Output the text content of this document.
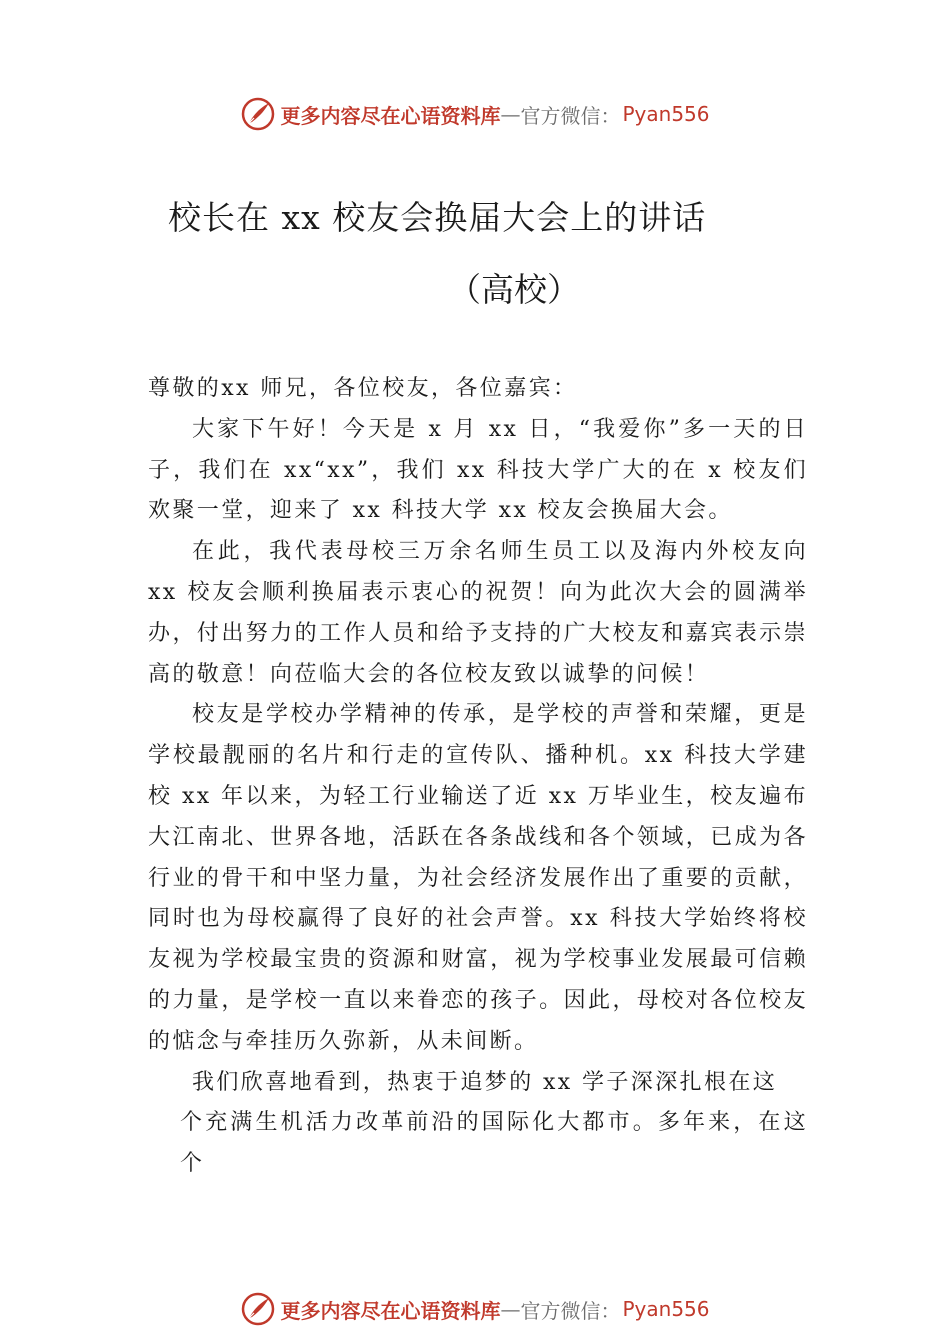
更多内容尽在心语资料库 — 官方微信： Pyan556
校长在 xx 校友会换届大会上的讲话
（高校）

尊敬的xx 师兄，各位校友，各位嘉宾：

大家下午好！今天是 x 月 xx 日，“我爱你”多一天的日子，我们在 xx“xx”，我们 xx 科技大学广大的在 x 校友们欢聚一堂，迎来了 xx 科技大学 xx 校友会换届大会。

在此，我代表母校三万余名师生员工以及海内外校友向 xx 校友会顺利换届表示衷心的祝贺！向为此次大会的圆满举办，付出努力的工作人员和给予支持的广大校友和嘉宾表示崇高的敬意！向莅临大会的各位校友致以诚挚的问候！

校友是学校办学精神的传承，是学校的声誉和荣耀，更是学校最靓丽的名片和行走的宣传队、播种机。xx 科技大学建校 xx 年以来，为轻工行业输送了近 xx 万毕业生，校友遍布大江南北、世界各地，活跃在各条战线和各个领域，已成为各行业的骨干和中坚力量，为社会经济发展作出了重要的贡献，同时也为母校赢得了良好的社会声誉。xx 科技大学始终将校友视为学校最宝贵的资源和财富，视为学校事业发展最可信赖的力量，是学校一直以来眷恋的孩子。因此，母校对各位校友的惦念与牵挂历久弥新，从未间断。

我们欣喜地看到，热衷于追梦的 xx 学子深深扎根在这

个充满生机活力改革前沿的国际化大都市。多年来，在这个

更多内容尽在心语资料库 — 官方微信： Pyan556
